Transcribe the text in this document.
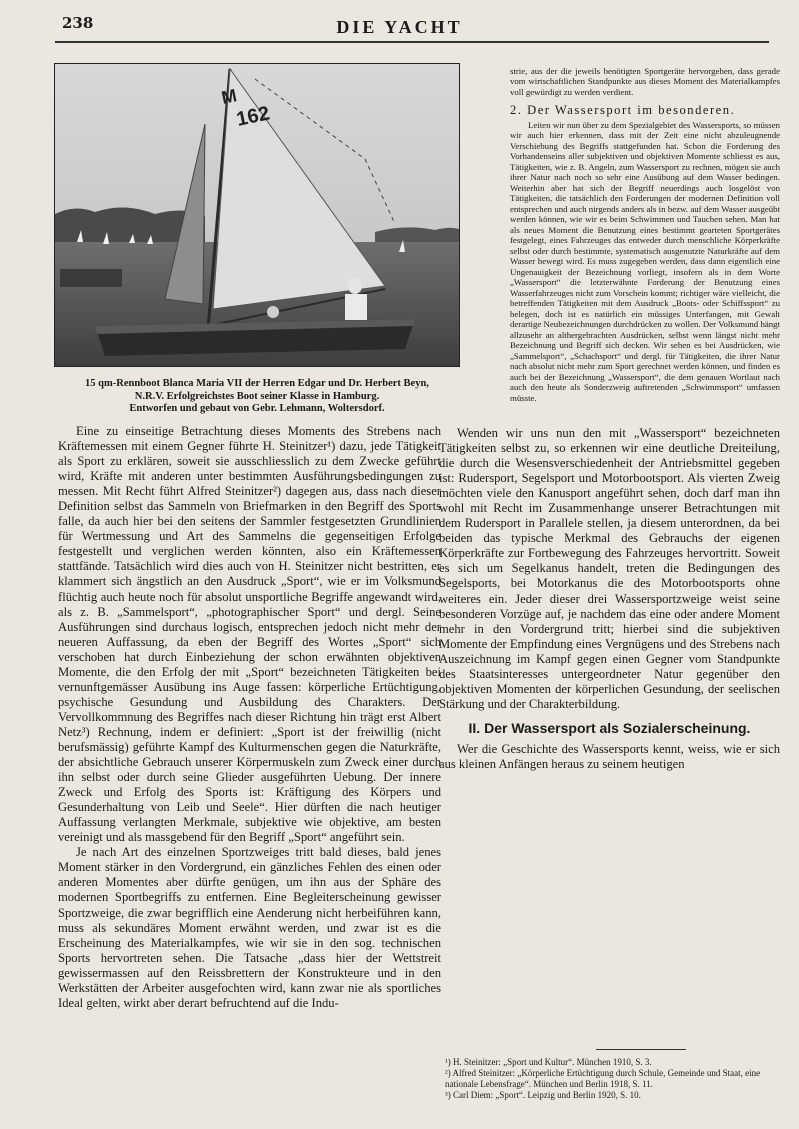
238	DIE YACHT
M
162
15 qm-Rennboot Blanca Maria VII der Herren Edgar und Dr. Herbert Beyn,
N.R.V. Erfolgreichstes Boot seiner Klasse in Hamburg.
Entworfen und gebaut von Gebr. Lehmann, Woltersdorf.

Eine zu einseitige Betrachtung dieses Moments des Strebens nach Kräftemessen mit einem Gegner führte H. Steinitzer¹) dazu, jede Tätigkeit als Sport zu erklären, soweit sie ausschliesslich zu dem Zwecke geführt wird, Kräfte mit anderen unter bestimmten Ausführungsbedingungen zu messen. Mit Recht führt Alfred Steinitzer²) dagegen aus, dass nach dieser Definition selbst das Sammeln von Briefmarken in den Begriff des Sports falle, da auch hier bei den seitens der Sammler festgesetzten Grundlinien für Wertmessung und Art des Sammelns die gegenseitigen Erfolge festgestellt und verglichen werden könnten, also ein Kräftemessen stattfände. Tatsächlich wird dies auch von H. Steinitzer nicht bestritten, er klammert sich ängstlich an den Ausdruck „Sport“, wie er im Volksmund flüchtig auch heute noch für absolut unsportliche Begriffe angewandt wird, als z. B. „Sammelsport“, „photographischer Sport“ und dergl. Seine Ausführungen sind durchaus logisch, entsprechen jedoch nicht mehr der neueren Auffassung, da eben der Begriff des Wortes „Sport“ sich verschoben hat durch Einbeziehung der schon erwähnten objektiven Momente, die den Erfolg der mit „Sport“ bezeichneten Tätigkeiten bei vernunftgemässer Ausübung ins Auge fassen: körperliche Ertüchtigung, psychische Gesundung und Ausbildung des Charakters. Der Vervollkommnung des Begriffes nach dieser Richtung hin trägt erst Albert Netz³) Rechnung, indem er definiert: „Sport ist der freiwillig (nicht berufsmässig) geführte Kampf des Kulturmenschen gegen die Naturkräfte, der absichtliche Gebrauch unserer Körpermuskeln zum Zweck einer durch ihn selbst oder durch seine Glieder ausgeführten Uebung. Der innere Zweck und Erfolg des Sports ist: Kräftigung des Körpers und Gesunderhaltung von Leib und Seele“. Hier dürften die nach heutiger Auffassung verlangten Merkmale, subjektive wie objektive, am besten vereinigt und als massgebend für den Begriff „Sport“ angeführt sein.

Je nach Art des einzelnen Sportzweiges tritt bald dieses, bald jenes Moment stärker in den Vordergrund, ein gänzliches Fehlen des einen oder anderen Momentes aber dürfte genügen, um ihn aus der Sphäre des modernen Sportbegriffs zu entfernen. Eine Begleiterscheinung gewisser Sportzweige, die zwar begrifflich eine Aenderung nicht herbeiführen kann, muss als sekundäres Moment erwähnt werden, und zwar ist es die Erscheinung des Materialkampfes, wie wir sie in den sog. technischen Sports hervortreten sehen. Die Tatsache „dass hier der Wettstreit gewissermassen auf den Reissbrettern der Konstrukteure und in den Werkstätten der Arbeiter ausgefochten wird, kann zwar nie als sportliches Ideal gelten, wirkt aber derart befruchtend auf die Indu-

strie, aus der die jeweils benötigten Sportgeräte hervorgehen, dass gerade vom wirtschaftlichen Standpunkte aus dieses Moment des Materialkampfes voll gewürdigt zu werden verdient.

2. Der Wassersport im besonderen.

Leiten wir nun über zu dem Spezialgebiet des Wassersports, so müssen wir auch hier erkennen, dass mit der Zeit eine nicht abzuleugnende Verschiebung des Begriffs stattgefunden hat. Schon die Forderung des Vorhandenseins aller subjektiven und objektiven Momente schliesst es aus, Tätigkeiten, wie z. B. Angeln, zum Wassersport zu rechnen, mögen sie auch ihrer Natur nach noch so sehr eine Ausübung auf dem Wasser bedingen. Weiterhin aber hat sich der Begriff neuerdings auch losgelöst von Tätigkeiten, die tatsächlich den Forderungen der modernen Definition voll entsprechen und auch nirgends anders als in bezw. auf dem Wasser ausgeübt werden können, wie wir es beim Schwimmen und Tauchen sehen. Man hat als neues Moment die Benutzung eines bestimmt gearteten Sportgerätes festgelegt, eines Fahrzeuges das entweder durch menschliche Körperkräfte selbst oder durch bestimmte, systematisch ausgenutzte Naturkräfte auf dem Wasser bewegt wird. Es muss zugegeben werden, dass dann eigentlich eine Ungenauigkeit der Bezeichnung vorliegt, insofern als in dem Worte „Wassersport“ die letzterwähnte Forderung der Benutzung eines Wasserfahrzeuges nicht zum Vorschein kommt; richtiger wäre vielleicht, die betreffenden Tätigkeiten mit dem Ausdruck „Boots- oder Schiffssport“ zu belegen, doch ist es natürlich ein müssiges Unterfangen, mit Gewalt derartige Neubezeichnungen durchdrücken zu wollen. Der Volksmund hängt allzusehr an althergebrachten Ausdrücken, selbst wenn längst nicht mehr Bezeichnung und Begriff sich decken. Wir sehen es bei Ausdrücken, wie „Sammelsport“, „Schachsport“ und dergl. für Tätigkeiten, die ihrer Natur nach absolut nicht mehr zum Sport gerechnet werden können, und finden es auch bei der Bezeichnung „Wassersport“, die dem genauen Wortlaut nach auch den heute als Sonderzweig auftretenden „Schwimmsport“ umfassen müsste.

Wenden wir uns nun den mit „Wassersport“ bezeichneten Tätigkeiten selbst zu, so erkennen wir eine deutliche Dreiteilung, die durch die Wesensverschiedenheit der Antriebsmittel gegeben ist: Rudersport, Segelsport und Motorbootsport. Als vierten Zweig möchten viele den Kanusport angeführt sehen, doch darf man ihn wohl mit Recht im Zusammenhange unserer Betrachtungen mit dem Rudersport in Parallele stellen, ja diesem unterordnen, da bei beiden das typische Merkmal des Gebrauchs der eigenen Körperkräfte zur Fortbewegung des Fahrzeuges hervortritt. Soweit es sich um Segelkanus handelt, treten die Bedingungen des Segelsports, bei Motorkanus die des Motorbootsports ohne weiteres ein. Jeder dieser drei Wassersportzweige weist seine besonderen Vorzüge auf, je nachdem das eine oder andere Moment mehr in den Vordergrund tritt; hierbei sind die subjektiven Momente der Empfindung eines Vergnügens und des Strebens nach Auszeichnung im Kampf gegen einen Gegner vom Standpunkte des Staatsinteresses untergeordneter Natur gegenüber den objektiven Momenten der körperlichen Gesundung, der seelischen Stärkung und der Charakterbildung.

II. Der Wassersport als Sozialerscheinung.

Wer die Geschichte des Wassersports kennt, weiss, wie er sich aus kleinen Anfängen heraus zu seinem heutigen

¹) H. Steinitzer: „Sport und Kultur“. München 1910, S. 3.
²) Alfred Steinitzer: „Körperliche Ertüchtigung durch Schule, Gemeinde und Staat, eine nationale Lebensfrage“. München und Berlin 1918, S. 11.
³) Carl Diem: „Sport“. Leipzig und Berlin 1920, S. 10.
